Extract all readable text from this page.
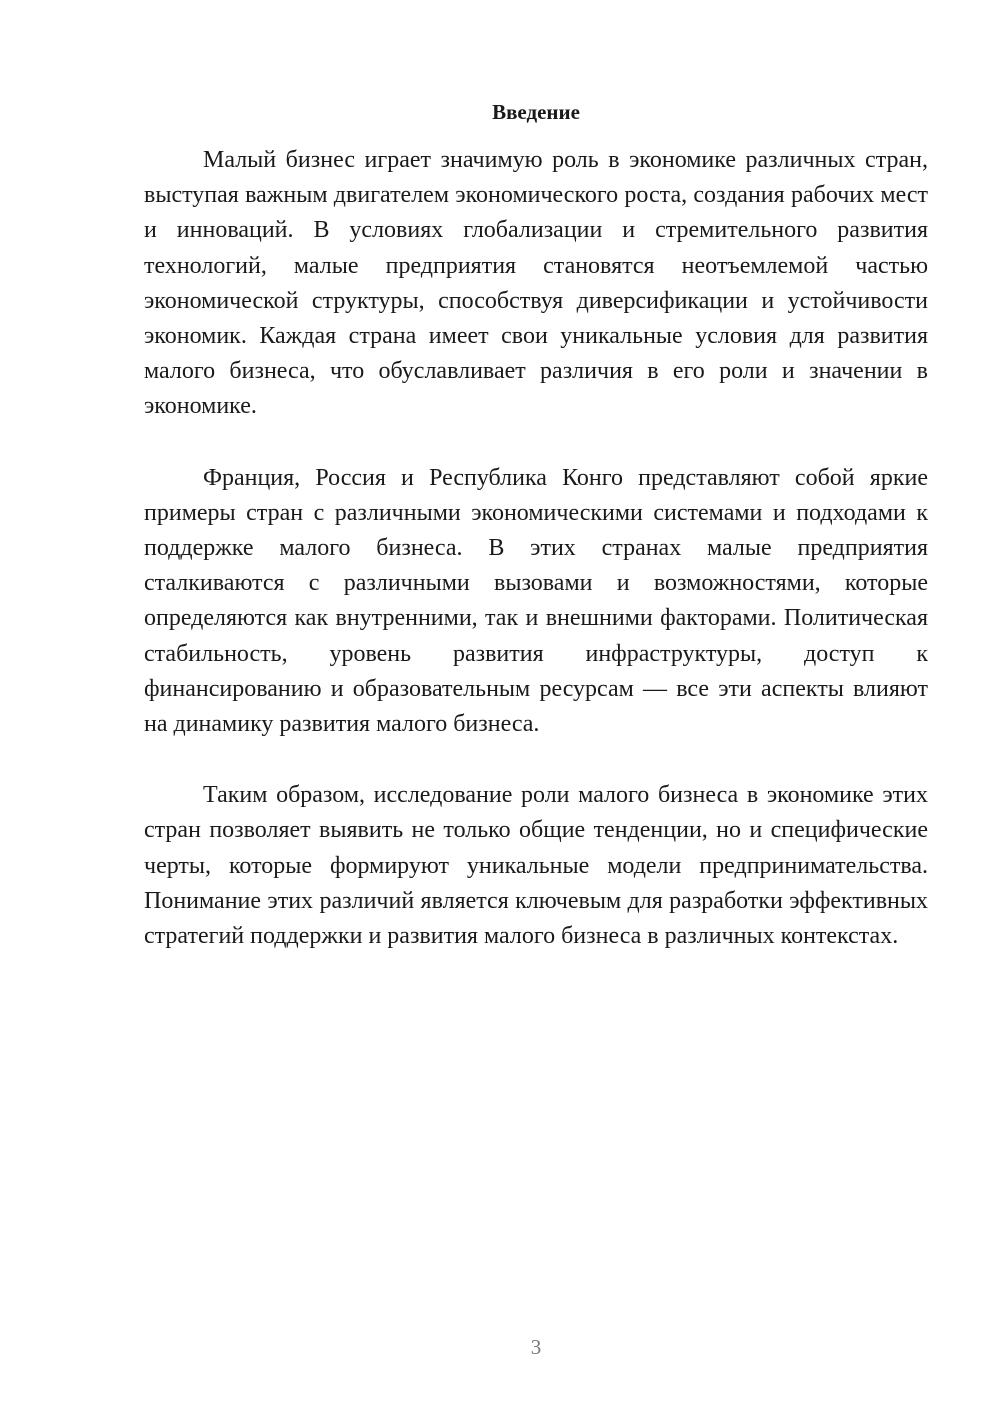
Введение

Малый бизнес играет значимую роль в экономике различных стран, выступая важным двигателем экономического роста, создания рабочих мест и инноваций. В условиях глобализации и стремительного развития технологий, малые предприятия становятся неотъемлемой частью экономической структуры, способствуя диверсификации и устойчивости экономик. Каждая страна имеет свои уникальные условия для развития малого бизнеса, что обуславливает различия в его роли и значении в экономике.

Франция, Россия и Республика Конго представляют собой яркие примеры стран с различными экономическими системами и подходами к поддержке малого бизнеса. В этих странах малые предприятия сталкиваются с различными вызовами и возможностями, которые определяются как внутренними, так и внешними факторами. Политическая стабильность, уровень развития инфраструктуры, доступ к финансированию и образовательным ресурсам — все эти аспекты влияют на динамику развития малого бизнеса.

Таким образом, исследование роли малого бизнеса в экономике этих стран позволяет выявить не только общие тенденции, но и специфические черты, которые формируют уникальные модели предпринимательства. Понимание этих различий является ключевым для разработки эффективных стратегий поддержки и развития малого бизнеса в различных контекстах.

3
